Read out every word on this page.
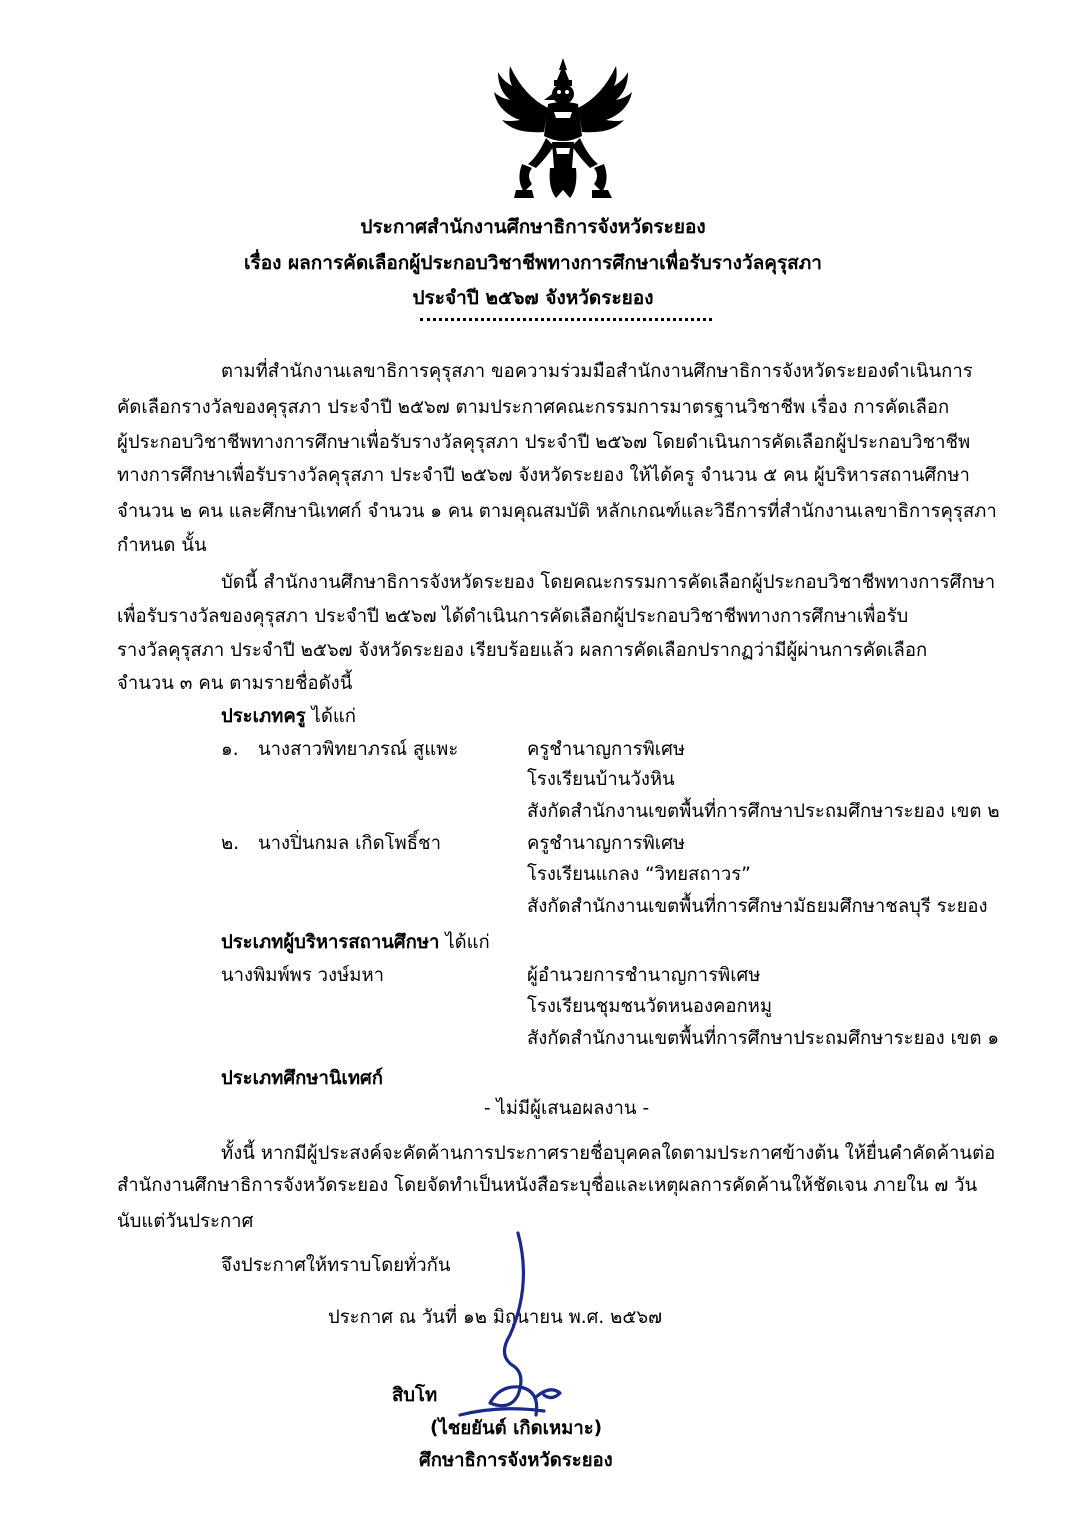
ประกาศสำนักงานศึกษาธิการจังหวัดระยอง
เรื่อง ผลการคัดเลือกผู้ประกอบวิชาชีพทางการศึกษาเพื่อรับรางวัลคุรุสภา
ประจำปี ๒๕๖๗ จังหวัดระยอง
ตามที่สำนักงานเลขาธิการคุรุสภา ขอความร่วมมือสำนักงานศึกษาธิการจังหวัดระยองดำเนินการ
คัดเลือกรางวัลของคุรุสภา ประจำปี ๒๕๖๗ ตามประกาศคณะกรรมการมาตรฐานวิชาชีพ เรื่อง การคัดเลือก
ผู้ประกอบวิชาชีพทางการศึกษาเพื่อรับรางวัลคุรุสภา ประจำปี ๒๕๖๗ โดยดำเนินการคัดเลือกผู้ประกอบวิชาชีพ
ทางการศึกษาเพื่อรับรางวัลคุรุสภา ประจำปี ๒๕๖๗ จังหวัดระยอง ให้ได้ครู จำนวน ๕ คน ผู้บริหารสถานศึกษา
จำนวน ๒ คน และศึกษานิเทศก์ จำนวน ๑ คน ตามคุณสมบัติ หลักเกณฑ์และวิธีการที่สำนักงานเลขาธิการคุรุสภา
กำหนด นั้น
บัดนี้ สำนักงานศึกษาธิการจังหวัดระยอง โดยคณะกรรมการคัดเลือกผู้ประกอบวิชาชีพทางการศึกษา
เพื่อรับรางวัลของคุรุสภา ประจำปี ๒๕๖๗ ได้ดำเนินการคัดเลือกผู้ประกอบวิชาชีพทางการศึกษาเพื่อรับ
รางวัลคุรุสภา ประจำปี ๒๕๖๗ จังหวัดระยอง เรียบร้อยแล้ว ผลการคัดเลือกปรากฏว่ามีผู้ผ่านการคัดเลือก
จำนวน ๓ คน ตามรายชื่อดังนี้
ประเภทครู ได้แก่
๑. นางสาวพิทยาภรณ์ สูแพะ	ครูชำนาญการพิเศษ
โรงเรียนบ้านวังหิน
สังกัดสำนักงานเขตพื้นที่การศึกษาประถมศึกษาระยอง เขต ๒
๒. นางปิ่นกมล เกิดโพธิ์ชา	ครูชำนาญการพิเศษ
โรงเรียนแกลง “วิทยสถาวร”
สังกัดสำนักงานเขตพื้นที่การศึกษามัธยมศึกษาชลบุรี ระยอง
ประเภทผู้บริหารสถานศึกษา ได้แก่
นางพิมพ์พร วงษ์มหา	ผู้อำนวยการชำนาญการพิเศษ
โรงเรียนชุมชนวัดหนองคอกหมู
สังกัดสำนักงานเขตพื้นที่การศึกษาประถมศึกษาระยอง เขต ๑
ประเภทศึกษานิเทศก์
- ไม่มีผู้เสนอผลงาน -
ทั้งนี้ หากมีผู้ประสงค์จะคัดค้านการประกาศรายชื่อบุคคลใดตามประกาศข้างต้น ให้ยื่นคำคัดค้านต่อ
สำนักงานศึกษาธิการจังหวัดระยอง โดยจัดทำเป็นหนังสือระบุชื่อและเหตุผลการคัดค้านให้ชัดเจน ภายใน ๗ วัน
นับแต่วันประกาศ
จึงประกาศให้ทราบโดยทั่วกัน
ประกาศ ณ วันที่ ๑๒ มิถุนายน พ.ศ. ๒๕๖๗
สิบโท
(ไชยยันต์ เกิดเหมาะ)
ศึกษาธิการจังหวัดระยอง
